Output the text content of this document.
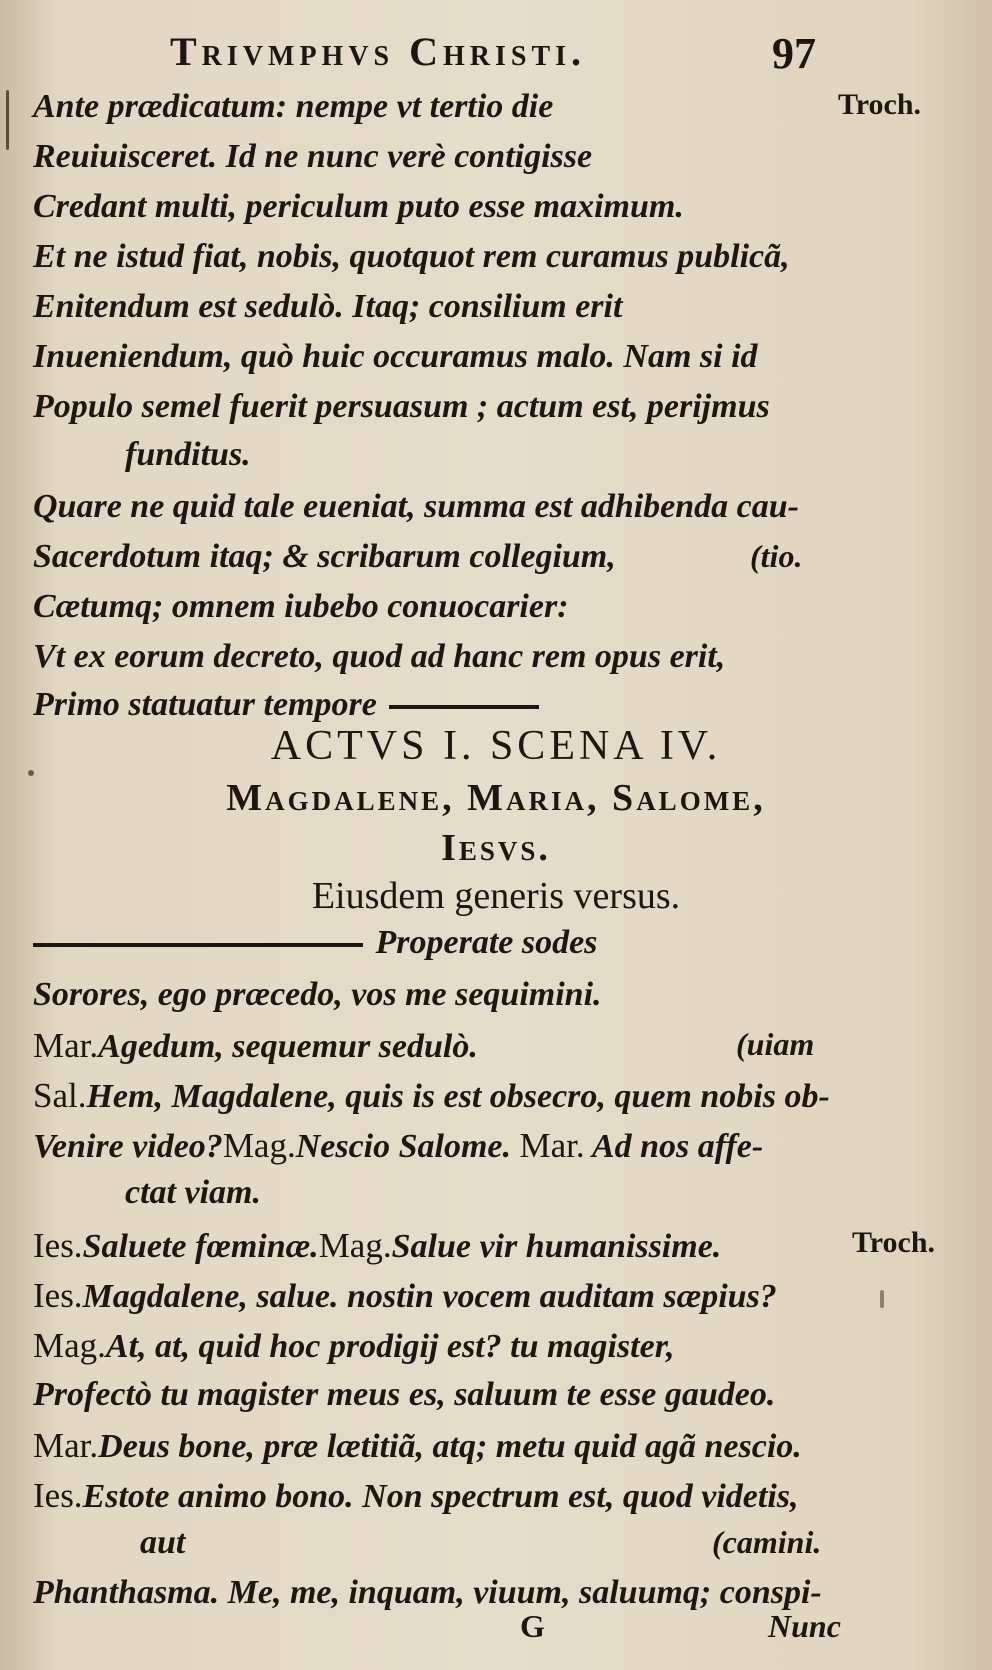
Trivmphvs Christi.	97
Ante prædicatum: nempe vt tertio die	Troch.
Reuiuisceret. Id ne nunc verè contigisse
Credant multi, periculum puto esse maximum.
Et ne istud fiat, nobis, quotquot rem curamus publicã,
Enitendum est sedulò. Itaq; consilium erit
Inueniendum, quò huic occuramus malo. Nam si id
Populo semel fuerit persuasum ; actum est, perijmus
funditus.
Quare ne quid tale eueniat, summa est adhibenda cau-
Sacerdotum itaq; & scribarum collegium,	(tio.
Cætumq; omnem iubebo conuocarier:
Vt ex eorum decreto, quod ad hanc rem opus erit,
Primo statuatur tempore
ACTVS I. SCENA IV.
Magdalene, Maria, Salome,
Iesvs.
Eiusdem generis versus.
Properate sodes
Sorores, ego præcedo, vos me sequimini.
Mar.Agedum, sequemur sedulò.	(uiam
Sal.Hem, Magdalene, quis is est obsecro, quem nobis ob-
Venire video?Mag.Nescio Salome. Mar. Ad nos affe-
ctat viam.
Ies.Saluete fœminæ.Mag.Salue vir humanissime.	Troch.
Ies.Magdalene, salue. nostin vocem auditam sæpius?
Mag.At, at, quid hoc prodigij est? tu magister,
Profectò tu magister meus es, saluum te esse gaudeo.
Mar.Deus bone, præ lætitiã, atq; metu quid agã nescio.
Ies.Estote animo bono. Non spectrum est, quod videtis,
aut	(camini.
Phanthasma. Me, me, inquam, viuum, saluumq; conspi-
G	Nunc
